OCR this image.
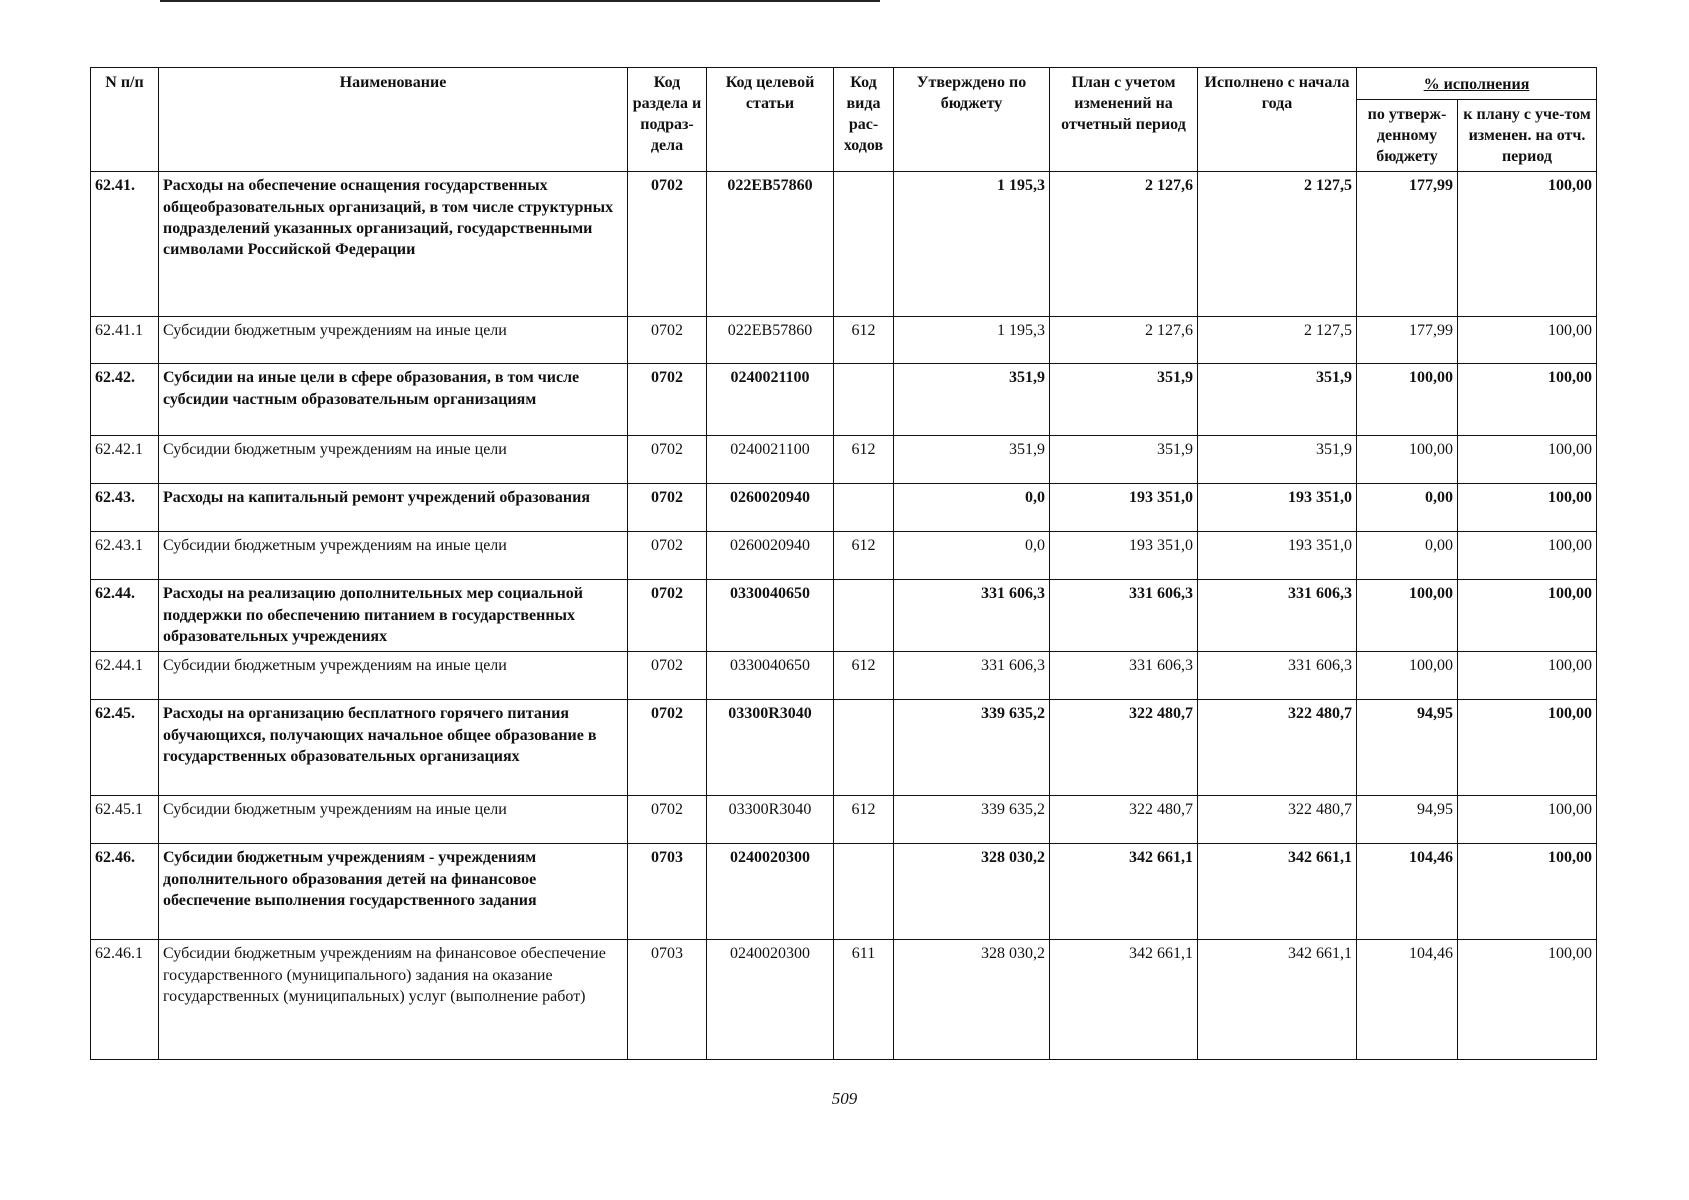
N п/п	Наименование	Код раздела и подраз-дела	Код целевой статьи	Код вида рас-ходов	Утверждено по бюджету	План с учетом изменений на отчетный период	Исполнено с начала года	% исполнения	
								по утверж-денному бюджету	к плану с уче-том изменен. на отч. период
62.41.	Расходы на обеспечение оснащения государственных общеобразовательных организаций, в том числе структурных подразделений указанных организаций, государственными символами Российской Федерации	0702	022EВ57860		1 195,3	2 127,6	2 127,5	177,99	100,00
62.41.1	Субсидии бюджетным учреждениям на иные цели	0702	022EВ57860	612	1 195,3	2 127,6	2 127,5	177,99	100,00
62.42.	Субсидии на иные цели в сфере образования, в том числе субсидии частным образовательным организациям	0702	0240021100		351,9	351,9	351,9	100,00	100,00
62.42.1	Субсидии бюджетным учреждениям на иные цели	0702	0240021100	612	351,9	351,9	351,9	100,00	100,00
62.43.	Расходы на капитальный ремонт учреждений образования	0702	0260020940		0,0	193 351,0	193 351,0	0,00	100,00
62.43.1	Субсидии бюджетным учреждениям на иные цели	0702	0260020940	612	0,0	193 351,0	193 351,0	0,00	100,00
62.44.	Расходы на реализацию дополнительных мер социальной поддержки по обеспечению питанием в государственных образовательных учреждениях	0702	0330040650		331 606,3	331 606,3	331 606,3	100,00	100,00
62.44.1	Субсидии бюджетным учреждениям на иные цели	0702	0330040650	612	331 606,3	331 606,3	331 606,3	100,00	100,00
62.45.	Расходы на организацию бесплатного горячего питания обучающихся, получающих начальное общее образование в государственных образовательных организациях	0702	03300R3040		339 635,2	322 480,7	322 480,7	94,95	100,00
62.45.1	Субсидии бюджетным учреждениям на иные цели	0702	03300R3040	612	339 635,2	322 480,7	322 480,7	94,95	100,00
62.46.	Субсидии бюджетным учреждениям - учреждениям дополнительного образования детей на финансовое обеспечение выполнения государственного задания	0703	0240020300		328 030,2	342 661,1	342 661,1	104,46	100,00
62.46.1	Субсидии бюджетным учреждениям на финансовое обеспечение государственного (муниципального) задания на оказание государственных (муниципальных) услуг (выполнение работ)	0703	0240020300	611	328 030,2	342 661,1	342 661,1	104,46	100,00
509
